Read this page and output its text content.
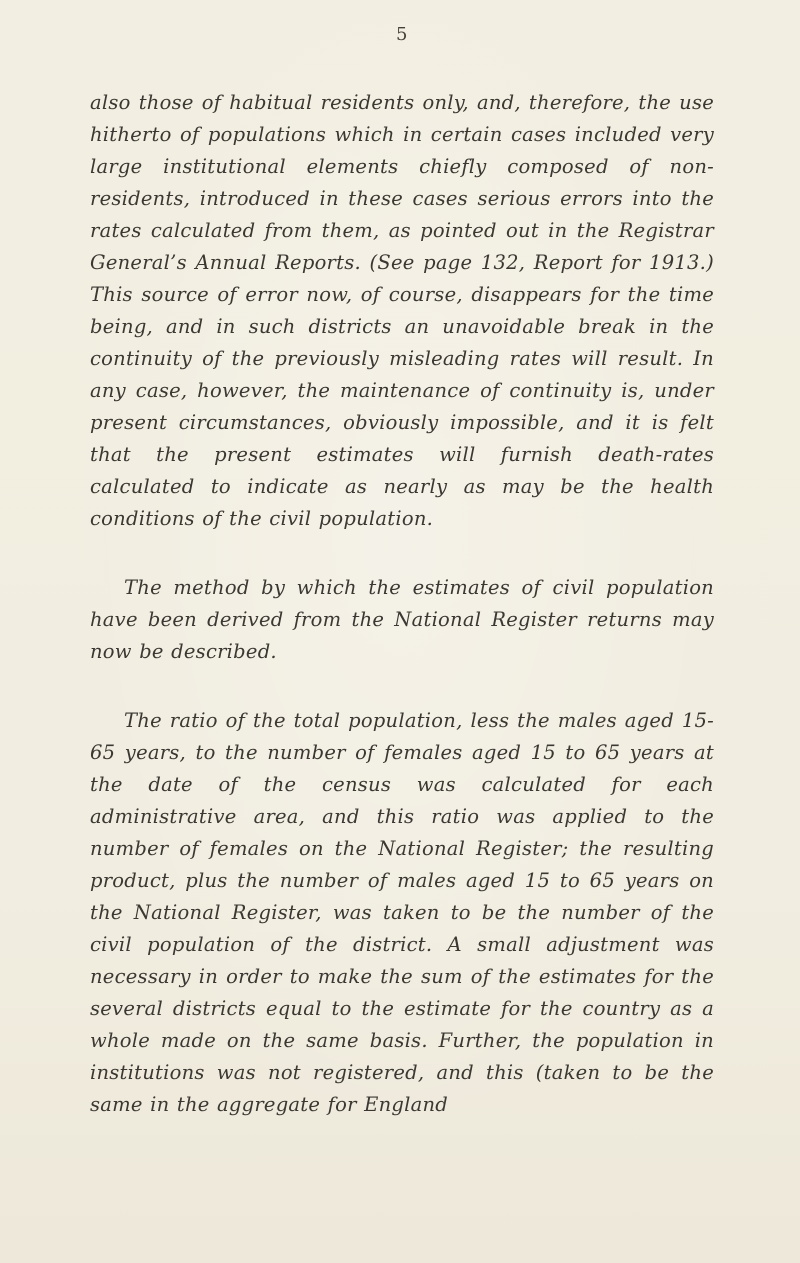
5

also those of habitual residents only, and, therefore, the use hitherto of populations which in certain cases included very large institutional elements chiefly composed of non-residents, introduced in these cases serious errors into the rates calculated from them, as pointed out in the Registrar General’s Annual Reports. (See page 132, Report for 1913.) This source of error now, of course, disappears for the time being, and in such districts an unavoidable break in the continuity of the previously misleading rates will result. In any case, however, the maintenance of continuity is, under present circumstances, obviously impossible, and it is felt that the present estimates will furnish death-rates calculated to indicate as nearly as may be the health conditions of the civil population.

The method by which the estimates of civil population have been derived from the National Register returns may now be described.

The ratio of the total population, less the males aged 15-65 years, to the number of females aged 15 to 65 years at the date of the census was calculated for each administrative area, and this ratio was applied to the number of females on the National Register; the resulting product, plus the number of males aged 15 to 65 years on the National Register, was taken to be the number of the civil population of the district. A small adjustment was necessary in order to make the sum of the estimates for the several districts equal to the estimate for the country as a whole made on the same basis. Further, the population in institutions was not registered, and this (taken to be the same in the aggregate for England
